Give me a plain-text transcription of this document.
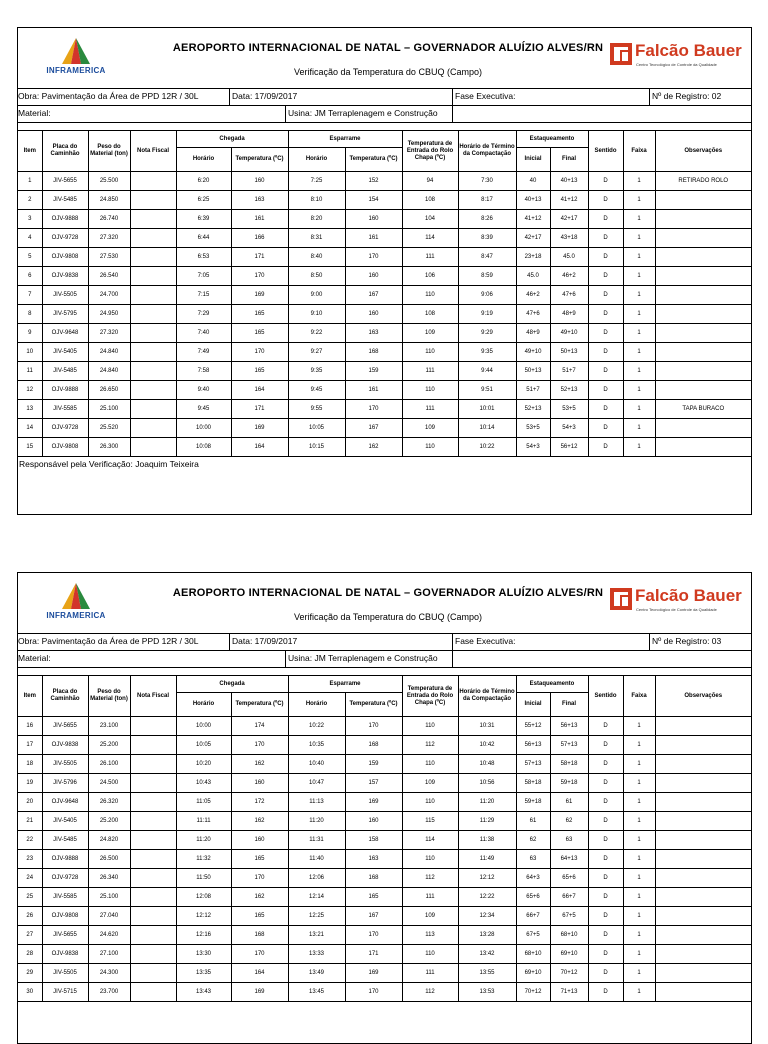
INFRAMERICA
AEROPORTO INTERNACIONAL DE NATAL – GOVERNADOR ALUÍZIO ALVES/RN
Verificação da Temperatura do CBUQ (Campo)
Falcão Bauer
Centro Tecnológico de Controle da Qualidade
Obra: Pavimentação da Área de PPD 12R / 30L	Data: 17/09/2017	Fase Executiva:	Nº de Registro: 02
Material:	Usina: JM Terraplenagem e Construção
Item	Placa do Caminhão	Peso do Material (ton)	Nota Fiscal	Chegada		Esparrame		Temperatura de Entrada do Rolo Chapa (ºC)	Horário de Término da Compactação	Estaqueamento		Sentido	Faixa	Observações
				Horário	Temperatura (ºC)	Horário	Temperatura (ºC)			Inicial	Final			
1	JIV-5655	25.500		6:20	160	7:25	152	94	7:30	40	40+13	D	1	RETIRADO ROLO
2	JIV-5485	24.850		6:25	163	8:10	154	108	8:17	40+13	41+12	D	1	
3	OJV-9888	26.740		6:39	161	8:20	160	104	8:26	41+12	42+17	D	1	
4	OJV-9728	27.320		6:44	166	8:31	161	114	8:39	42+17	43+18	D	1	
5	OJV-9808	27.530		6:53	171	8:40	170	111	8:47	23+18	45.0	D	1	
6	OJV-9838	26.540		7:05	170	8:50	160	106	8:59	45.0	46+2	D	1	
7	JIV-5505	24.700		7:15	169	9:00	167	110	9:06	46+2	47+6	D	1	
8	JIV-5795	24.950		7:29	165	9:10	160	108	9:19	47+6	48+9	D	1	
9	OJV-9648	27.320		7:40	165	9:22	163	109	9:29	48+9	49+10	D	1	
10	JIV-5405	24.840		7:49	170	9:27	168	110	9:35	49+10	50+13	D	1	
11	JIV-5485	24.840		7:58	165	9:35	159	111	9:44	50+13	51+7	D	1	
12	OJV-9888	26.650		9:40	164	9:45	161	110	9:51	51+7	52+13	D	1	
13	JIV-5585	25.100		9:45	171	9:55	170	111	10:01	52+13	53+5	D	1	TAPA BURACO
14	OJV-9728	25.520		10:00	169	10:05	167	109	10:14	53+5	54+3	D	1	
15	OJV-9808	26.300		10:08	164	10:15	162	110	10:22	54+3	56+12	D	1	
Responsável pela Verificação: Joaquim Teixeira
INFRAMERICA
AEROPORTO INTERNACIONAL DE NATAL – GOVERNADOR ALUÍZIO ALVES/RN
Verificação da Temperatura do CBUQ (Campo)
Falcão Bauer
Centro Tecnológico de Controle da Qualidade
Obra: Pavimentação da Área de PPD 12R / 30L	Data: 17/09/2017	Fase Executiva:	Nº de Registro: 03
Material:	Usina: JM Terraplenagem e Construção
Item	Placa do Caminhão	Peso do Material (ton)	Nota Fiscal	Chegada		Esparrame		Temperatura de Entrada do Rolo Chapa (ºC)	Horário de Término da Compactação	Estaqueamento		Sentido	Faixa	Observações
				Horário	Temperatura (ºC)	Horário	Temperatura (ºC)			Inicial	Final			
16	JIV-5655	23.100		10:00	174	10:22	170	110	10:31	55+12	56+13	D	1	
17	OJV-9838	25.200		10:05	170	10:35	168	112	10:42	56+13	57+13	D	1	
18	JIV-5505	26.100		10:20	162	10:40	159	110	10:48	57+13	58+18	D	1	
19	JIV-5796	24.500		10:43	160	10:47	157	109	10:56	58+18	59+18	D	1	
20	OJV-9648	26.320		11:05	172	11:13	169	110	11:20	59+18	61	D	1	
21	JIV-5405	25.200		11:11	162	11:20	160	115	11:29	61	62	D	1	
22	JIV-5485	24.820		11:20	160	11:31	158	114	11:38	62	63	D	1	
23	OJV-9888	26.500		11:32	165	11:40	163	110	11:49	63	64+13	D	1	
24	OJV-9728	26.340		11:50	170	12:06	168	112	12:12	64+3	65+6	D	1	
25	JIV-5585	25.100		12:08	162	12:14	165	111	12:22	65+6	66+7	D	1	
26	OJV-9808	27.040		12:12	165	12:25	167	109	12:34	66+7	67+5	D	1	
27	JIV-5655	24.620		12:16	168	13:21	170	113	13:28	67+5	68+10	D	1	
28	OJV-9838	27.100		13:30	170	13:33	171	110	13:42	68+10	69+10	D	1	
29	JIV-5505	24.300		13:35	164	13:49	169	111	13:55	69+10	70+12	D	1	
30	JIV-5715	23.700		13:43	169	13:45	170	112	13:53	70+12	71+13	D	1	
